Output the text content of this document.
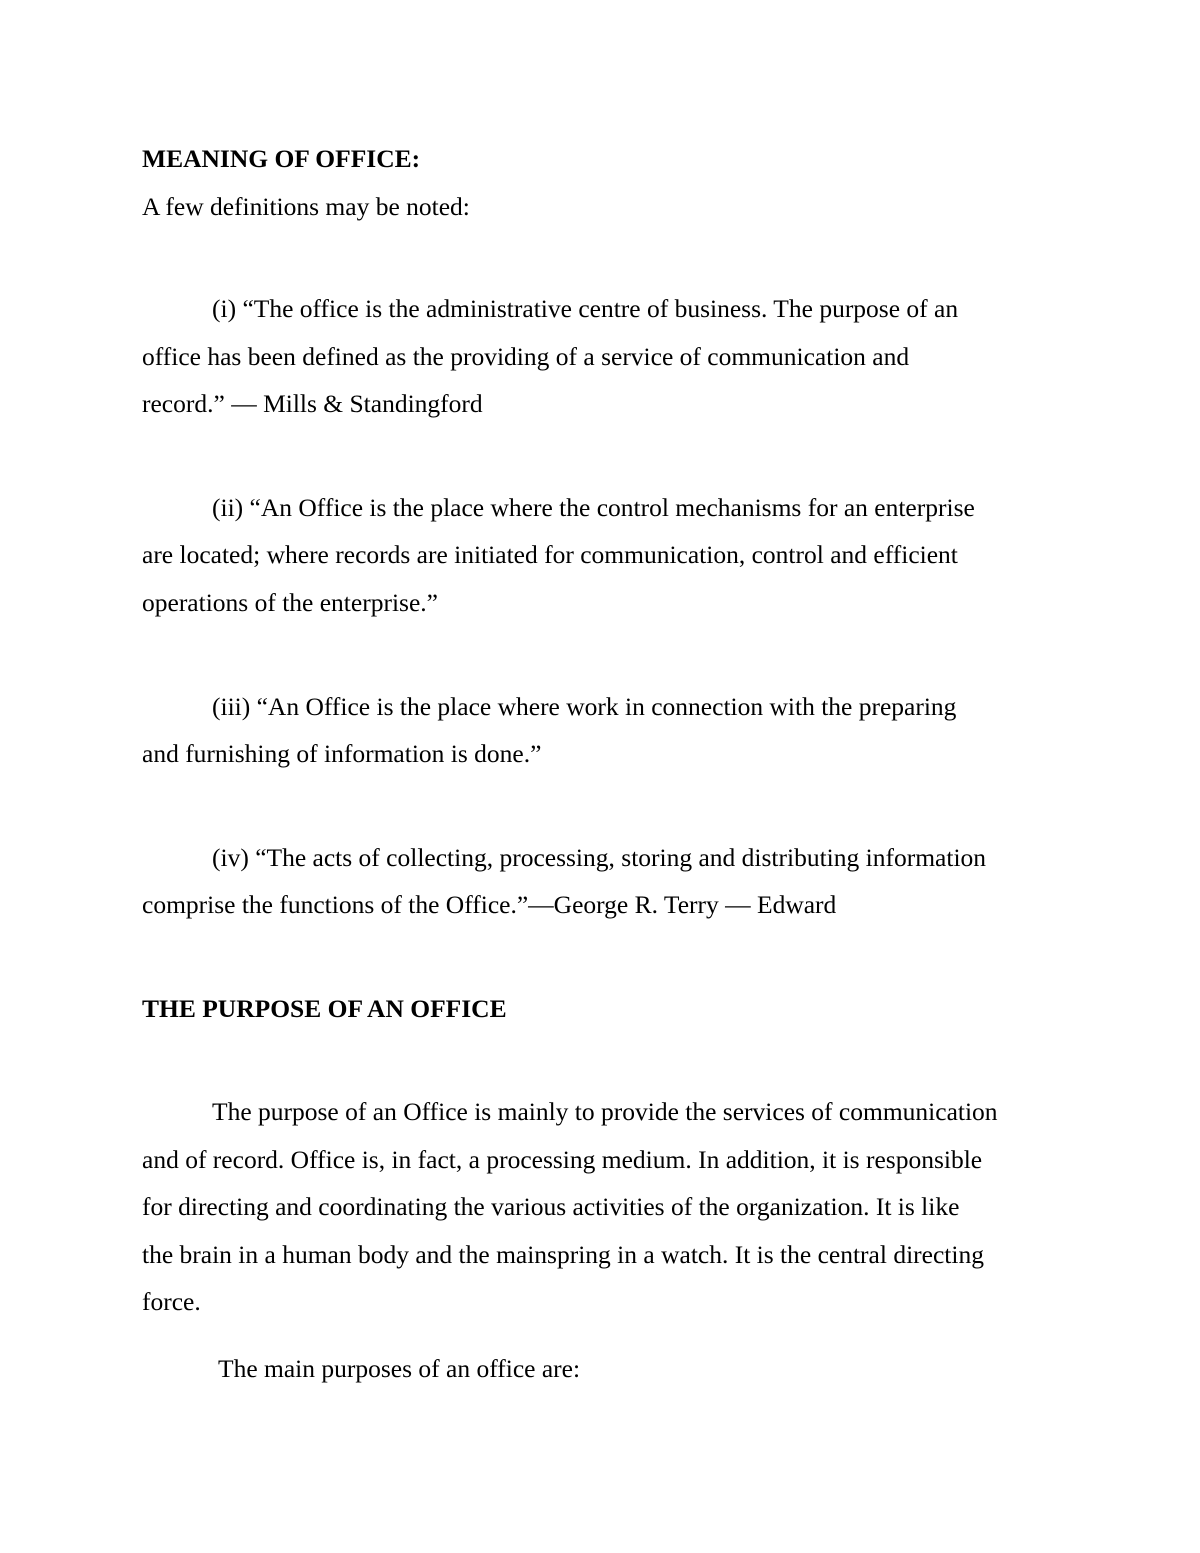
MEANING OF OFFICE:

A few definitions may be noted:

(i) “The office is the administrative centre of business. The purpose of an

office has been defined as the providing of a service of communication and

record.” — Mills & Standingford

(ii) “An Office is the place where the control mechanisms for an enterprise

are located; where records are initiated for communication, control and efficient

operations of the enterprise.”

(iii) “An Office is the place where work in connection with the preparing

and furnishing of information is done.”

(iv) “The acts of collecting, processing, storing and distributing information

comprise the functions of the Office.”—George R. Terry — Edward

THE PURPOSE OF AN OFFICE

The purpose of an Office is mainly to provide the services of communication

and of record. Office is, in fact, a processing medium. In addition, it is responsible

for directing and coordinating the various activities of the organization. It is like

the brain in a human body and the mainspring in a watch. It is the central directing

force.

The main purposes of an office are:
